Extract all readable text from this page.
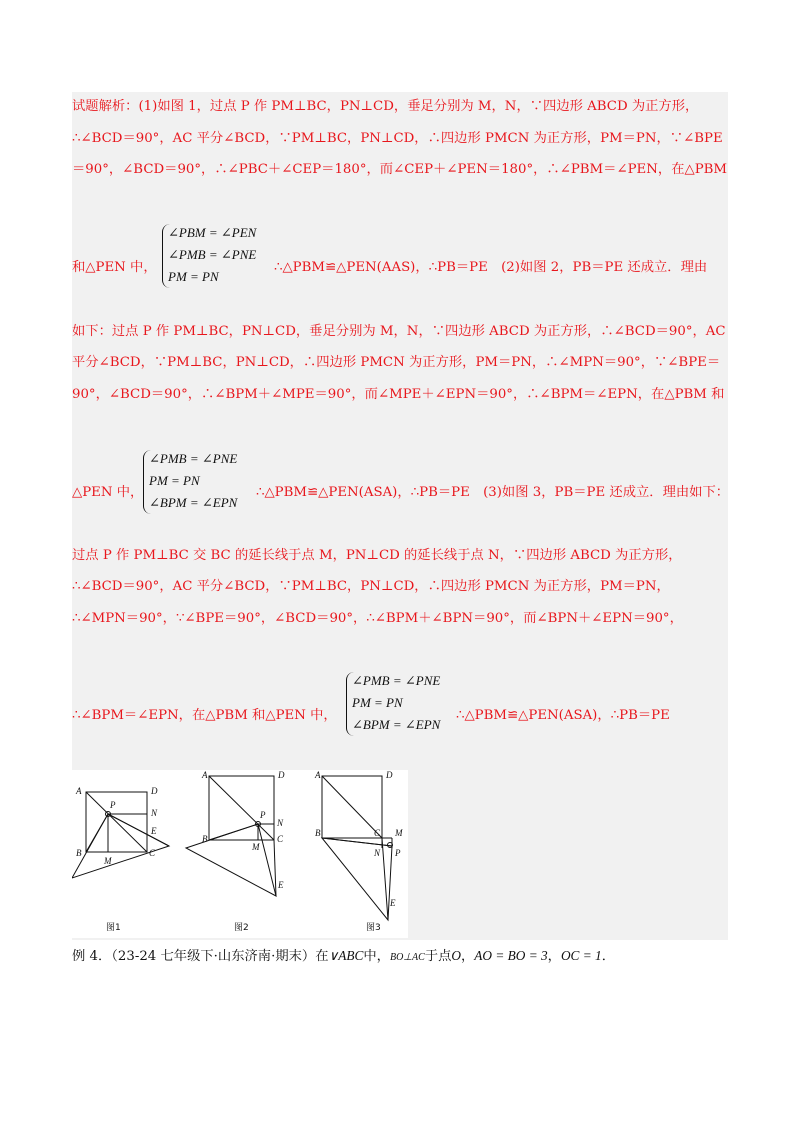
试题解析：(1)如图 1，过点 P 作 PM⊥BC，PN⊥CD，垂足分别为 M，N，∵四边形 ABCD 为正方形，
∴∠BCD＝90°，AC 平分∠BCD，∵PM⊥BC，PN⊥CD，∴四边形 PMCN 为正方形，PM＝PN，∵∠BPE
＝90°，∠BCD＝90°，∴∠PBC＋∠CEP＝180°，而∠CEP＋∠PEN＝180°，∴∠PBM＝∠PEN，在△PBM
和△PEN 中，
∠PBM = ∠PEN
∠PMB = ∠PNE
PM = PN
∴△PBM≌△PEN(AAS)，∴PB＝PE　(2)如图 2，PB＝PE 还成立．理由
如下：过点 P 作 PM⊥BC，PN⊥CD，垂足分别为 M，N，∵四边形 ABCD 为正方形，∴∠BCD＝90°，AC
平分∠BCD，∵PM⊥BC，PN⊥CD，∴四边形 PMCN 为正方形，PM＝PN，∴∠MPN＝90°，∵∠BPE＝
90°，∠BCD＝90°，∴∠BPM＋∠MPE＝90°，而∠MPE＋∠EPN＝90°，∴∠BPM＝∠EPN，在△PBM 和
△PEN 中，
∠PMB = ∠PNE
PM = PN
∠BPM = ∠EPN
∴△PBM≌△PEN(ASA)，∴PB＝PE　(3)如图 3，PB＝PE 还成立．理由如下：
过点 P 作 PM⊥BC 交 BC 的延长线于点 M，PN⊥CD 的延长线于点 N，∵四边形 ABCD 为正方形，
∴∠BCD＝90°，AC 平分∠BCD，∵PM⊥BC，PN⊥CD，∴四边形 PMCN 为正方形，PM＝PN，
∴∠MPN＝90°，∵∠BPE＝90°，∠BCD＝90°，∴∠BPM＋∠BPN＝90°，而∠BPN＋∠EPN＝90°，
∴∠BPM＝∠EPN，在△PBM 和△PEN 中，
∠PMB = ∠PNE
PM = PN
∠BPM = ∠EPN
∴△PBM≌△PEN(ASA)，∴PB＝PE
A	D
P
N
E
B
M
C
A	D
P
N
C
B
M
E
A	D
B	C M
N P
E
图1	图2	图3
例 4．（23-24 七年级下·山东济南·期末）在∨ABC中，BO⊥AC于点O，AO = BO = 3，OC = 1．
